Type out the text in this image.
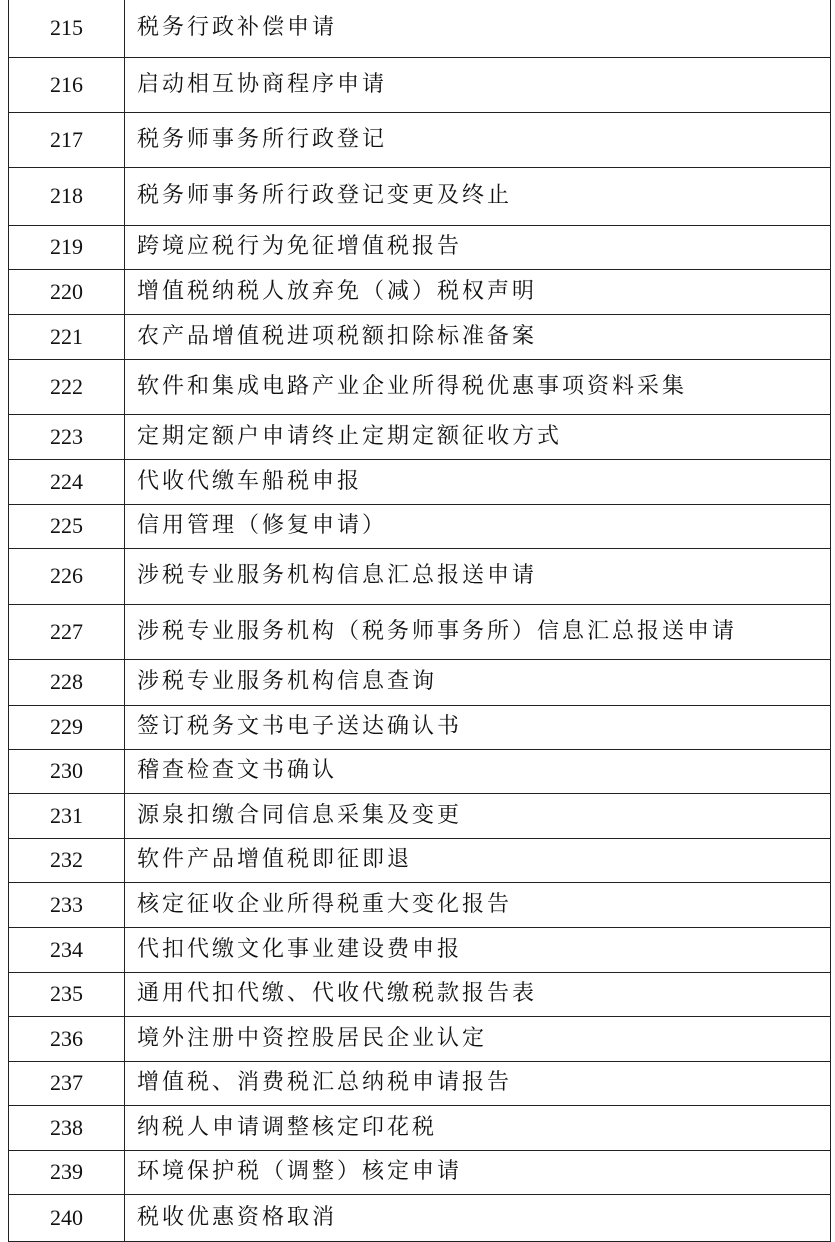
215	税务行政补偿申请
216	启动相互协商程序申请
217	税务师事务所行政登记
218	税务师事务所行政登记变更及终止
219	跨境应税行为免征增值税报告
220	增值税纳税人放弃免（减）税权声明
221	农产品增值税进项税额扣除标准备案
222	软件和集成电路产业企业所得税优惠事项资料采集
223	定期定额户申请终止定期定额征收方式
224	代收代缴车船税申报
225	信用管理（修复申请）
226	涉税专业服务机构信息汇总报送申请
227	涉税专业服务机构（税务师事务所）信息汇总报送申请
228	涉税专业服务机构信息查询
229	签订税务文书电子送达确认书
230	稽查检查文书确认
231	源泉扣缴合同信息采集及变更
232	软件产品增值税即征即退
233	核定征收企业所得税重大变化报告
234	代扣代缴文化事业建设费申报
235	通用代扣代缴、代收代缴税款报告表
236	境外注册中资控股居民企业认定
237	增值税、消费税汇总纳税申请报告
238	纳税人申请调整核定印花税
239	环境保护税（调整）核定申请
240	税收优惠资格取消
